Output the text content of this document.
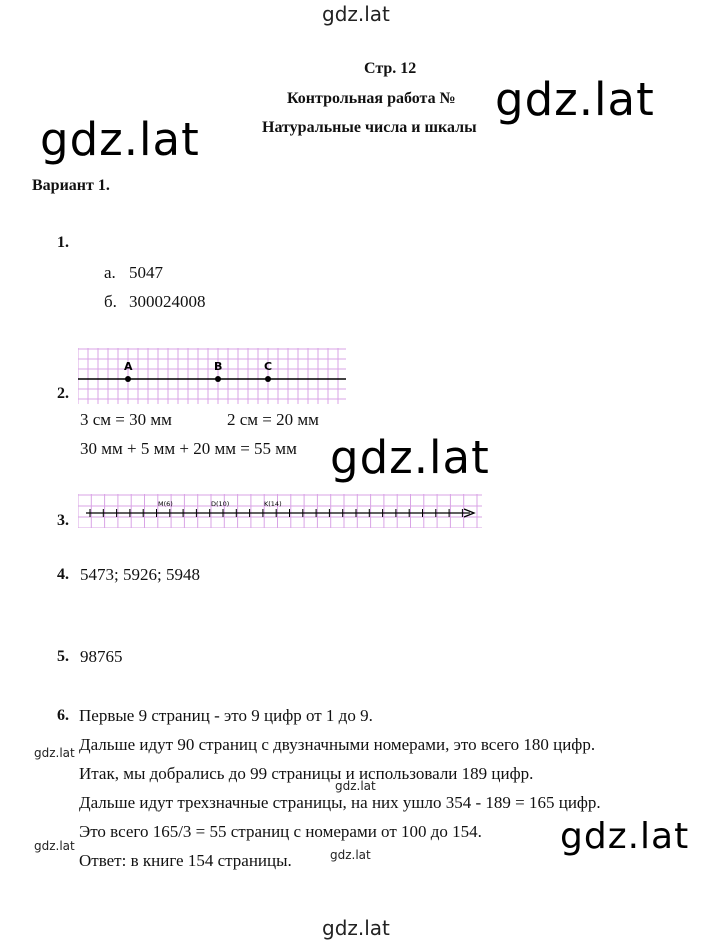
gdz.lat
gdz.lat
gdz.lat
gdz.lat
gdz.lat
gdz.lat
gdz.lat
gdz.lat
gdz.lat
gdz.lat
Стр. 12
Контрольная работа №
Натуральные числа и шкалы
Вариант 1.
1.
а. 5047
б. 300024008
2.
A	B	C
3 см = 30 мм	2 см = 20 мм
30 мм + 5 мм + 20 мм = 55 мм
3.
M(6)	D(10)	K(14)
4. 5473; 5926; 5948
5. 98765
6. Первые 9 страниц - это 9 цифр от 1 до 9.
Дальше идут 90 страниц с двузначными номерами, это всего 180 цифр.
Итак, мы добрались до 99 страницы и использовали 189 цифр.
Дальше идут трехзначные страницы, на них ушло 354 - 189 = 165 цифр.
Это всего 165/3 = 55 страниц с номерами от 100 до 154.
Ответ: в книге 154 страницы.
